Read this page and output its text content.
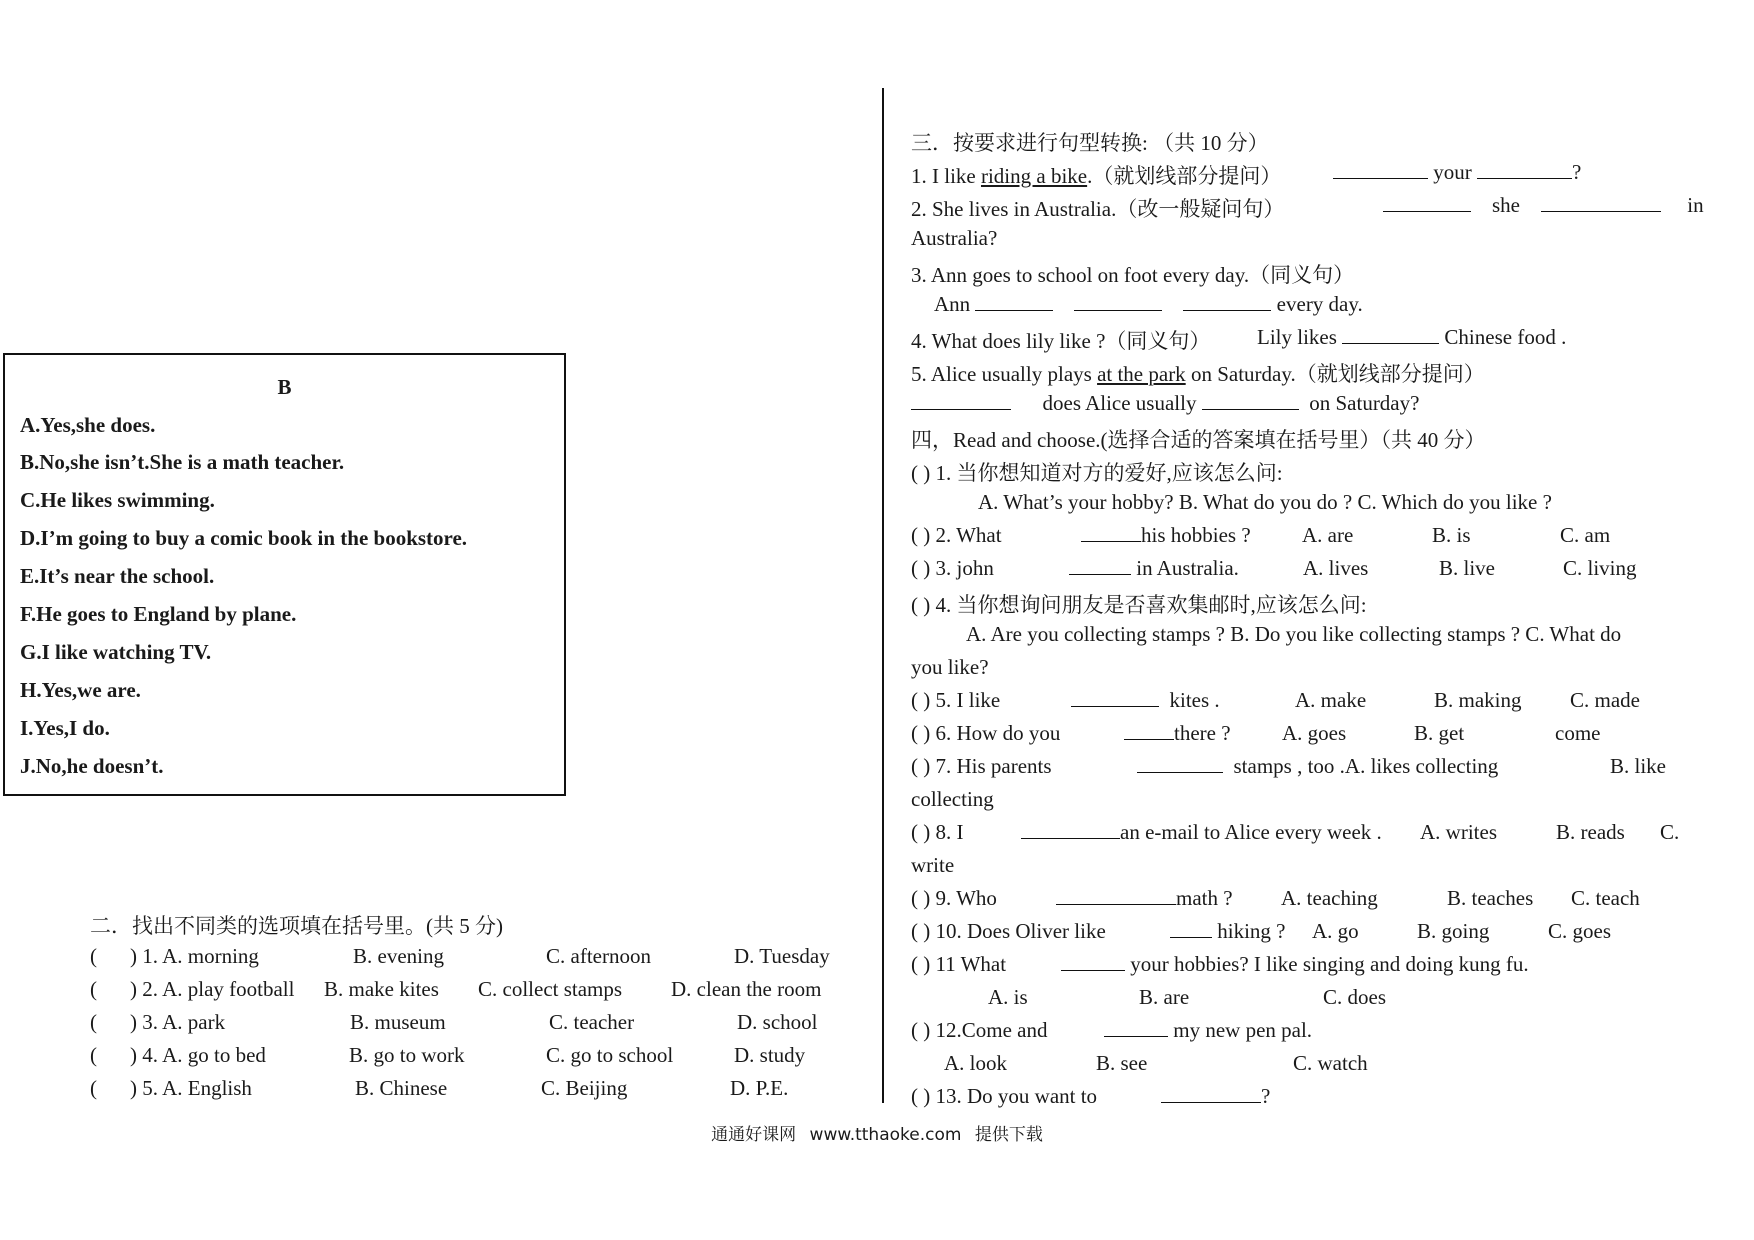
B
A.Yes,she does.
B.No,she isn’t.She is a math teacher.
C.He likes swimming.
D.I’m going to buy a comic book in the bookstore.
E.It’s near the school.
F.He goes to England by plane.
G.I like watching TV.
H.Yes,we are.
I.Yes,I do.
J.No,he doesn’t.
二．找出不同类的选项填在括号里。(共 5 分)
( ) 1. A. morning	B. evening	C. afternoon	D. Tuesday
( ) 2. A. play football B. make kites C. collect stamps D. clean the room
( ) 3. A. park	B. museum	C. teacher	D. school
( ) 4. A. go to bed	B. go to work	C. go to school	D. study
( ) 5. A. English	B. Chinese	C. Beijing	D. P.E.
三．按要求进行句型转换: （共 10 分）
1. I like riding a bike.（就划线部分提问）	your	?
2. She lives in Australia.（改一般疑问句）	she	in
Australia?
3. Ann goes to school on foot every day.（同义句）
Ann	every day.
4. What does lily like ?（同义句） Lily likes	Chinese food .
5. Alice usually plays at the park on Saturday.（就划线部分提问）
does Alice usually	on Saturday?
四，Read and choose.(选择合适的答案填在括号里）（共 40 分）
( ) 1. 当你想知道对方的爱好,应该怎么问:
A. What’s your hobby? B. What do you do ? C. Which do you like ?
( ) 2. What	his hobbies ? A. are	B. is	C. am
( ) 3. john	in Australia.	A. lives	B. live	C. living
( ) 4. 当你想询问朋友是否喜欢集邮时,应该怎么问:
A. Are you collecting stamps ? B. Do you like collecting stamps ? C. What do
you like?
( ) 5. I like	kites .	A. make	B. making C. made
( ) 6. How do you	there ? A. goes	B. get	come
( ) 7. His parents	stamps , too .A. likes collecting	B. like
collecting
( ) 8. I	an e-mail to Alice every week . A. writes	B. reads C.
write
( ) 9. Who	math ? A. teaching	B. teaches C. teach
( ) 10. Does Oliver like	hiking ? A. go	B. going	C. goes
( ) 11 What	your hobbies? I like singing and doing kung fu.
A. is	B. are	C. does
( ) 12.Come and	my new pen pal.
A. look	B. see	C. watch
( ) 13. Do you want to	?
通通好课网 www.tthaoke.com 提供下载
